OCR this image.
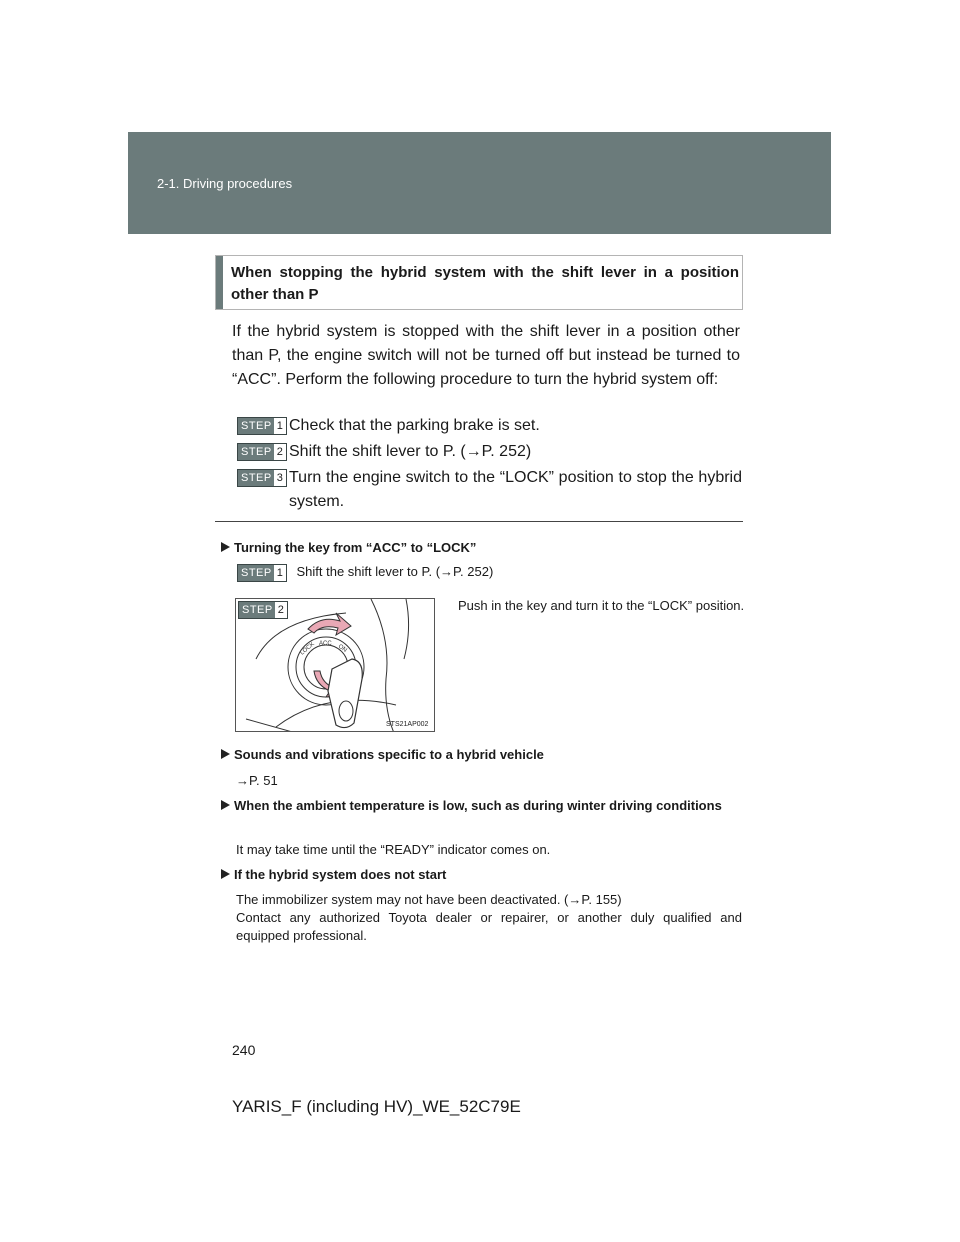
2-1. Driving procedures
When stopping the hybrid system with the shift lever in a position other than P
If the hybrid system is stopped with the shift lever in a position other than P, the engine switch will not be turned off but instead be turned to “ACC”. Perform the following procedure to turn the hybrid system off:
STEP 1 Check that the parking brake is set.
STEP 2 Shift the shift lever to P. (→P. 252)
STEP 3 Turn the engine switch to the “LOCK” position to stop the hybrid system.
Turning the key from “ACC” to “LOCK”
STEP 1 Shift the shift lever to P. (→P. 252)
STEP 2
LOCK ACC ON
STS21AP002
Push in the key and turn it to the “LOCK” position.
Sounds and vibrations specific to a hybrid vehicle
→P. 51
When the ambient temperature is low, such as during winter driving conditions
It may take time until the “READY” indicator comes on.
If the hybrid system does not start
The immobilizer system may not have been deactivated. (→P. 155)
Contact any authorized Toyota dealer or repairer, or another duly qualified and equipped professional.
240
YARIS_F (including HV)_WE_52C79E
